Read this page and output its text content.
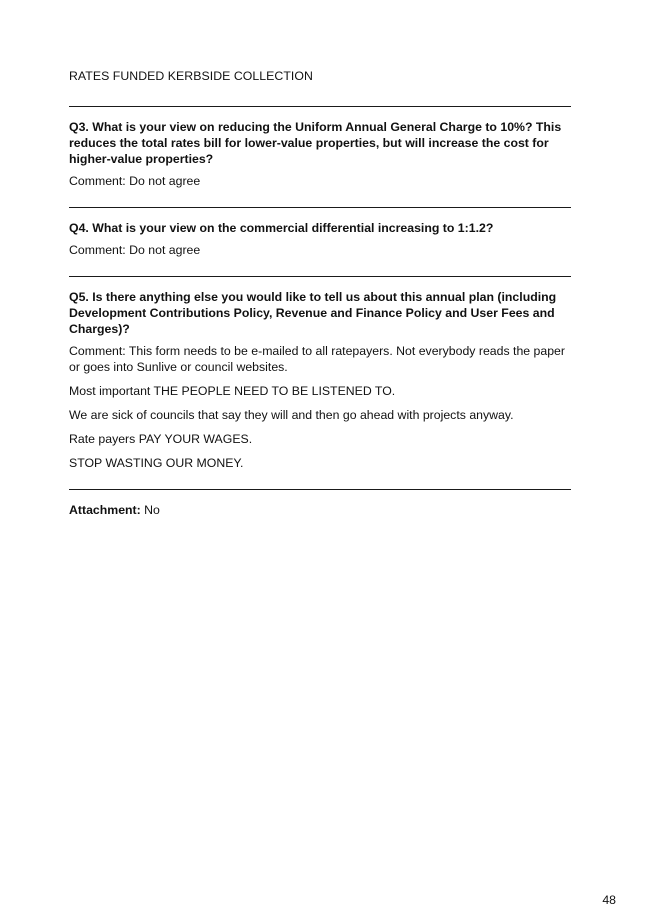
RATES FUNDED KERBSIDE COLLECTION

Q3. What is your view on reducing the Uniform Annual General Charge to 10%? This reduces the total rates bill for lower-value properties, but will increase the cost for higher-value properties?

Comment: Do not agree

Q4. What is your view on the commercial differential increasing to 1:1.2?

Comment: Do not agree

Q5. Is there anything else you would like to tell us about this annual plan (including Development Contributions Policy, Revenue and Finance Policy and User Fees and Charges)?

Comment: This form needs to be e-mailed to all ratepayers. Not everybody reads the paper or goes into Sunlive or council websites.

Most important THE PEOPLE NEED TO BE LISTENED TO.

We are sick of councils that say they will and then go ahead with projects anyway.

Rate payers PAY YOUR WAGES.

STOP WASTING OUR MONEY.

Attachment: No

48
